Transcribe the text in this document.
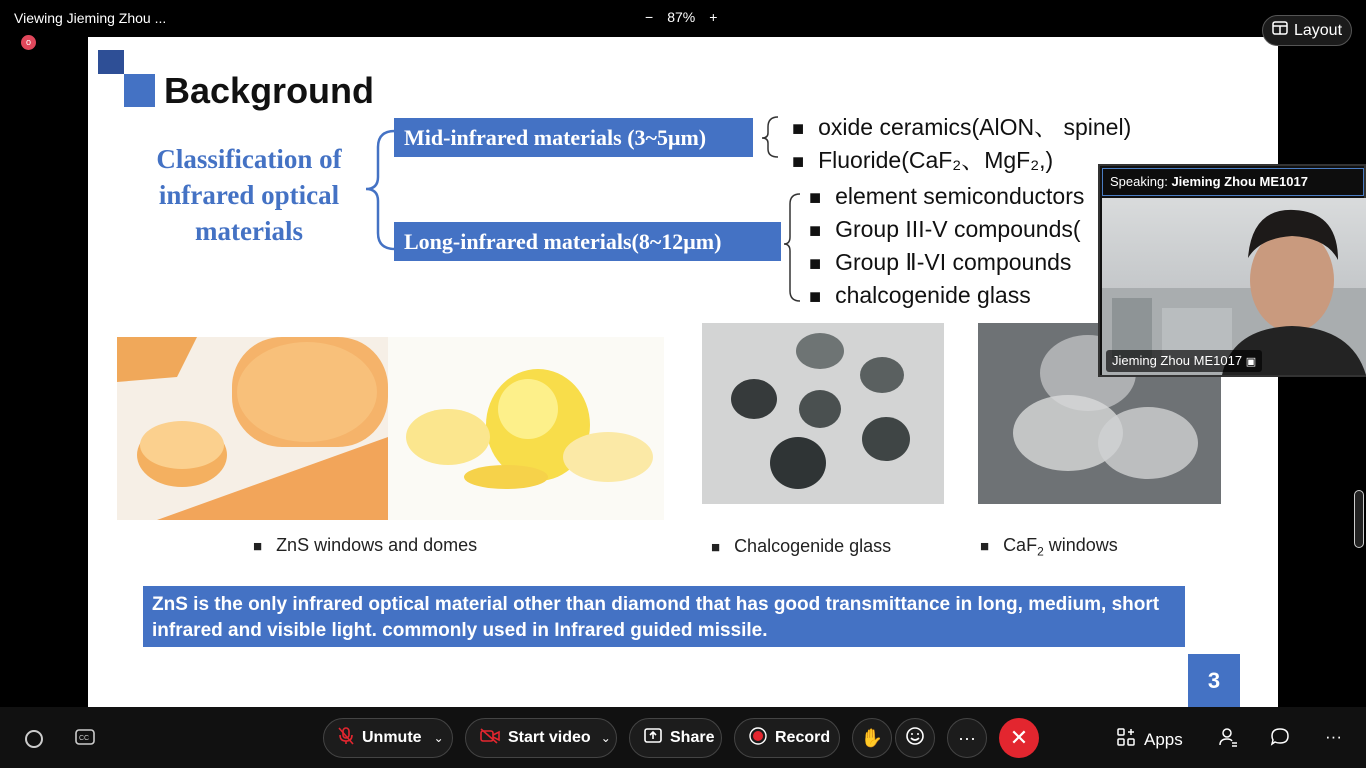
Viewing Jieming Zhou ...	− 87% +
o
Layout
Background
Classification of
infrared optical
materials
Mid-infrared materials (3~5μm)
Long-infrared materials(8~12μm)
■ oxide ceramics(AlON、 spinel)
■ Fluoride(CaF₂、MgF₂,)
■ element semiconductors
■ Group III-V compounds(
■ Group Ⅱ-VI compounds
■ chalcogenide glass
■ ZnS windows and domes	■ Chalcogenide glass	■ CaF$_2$ windows
ZnS is the only infrared optical material other than diamond that has good transmittance in long, medium, short infrared and visible light. commonly used in Infrared guided missile.
3
Speaking: Jieming Zhou ME1017
Jieming Zhou ME1017 ▣
CC	Unmute ⌄	Start video ⌄	Share	Record ✋	··· ✕	Apps	···
